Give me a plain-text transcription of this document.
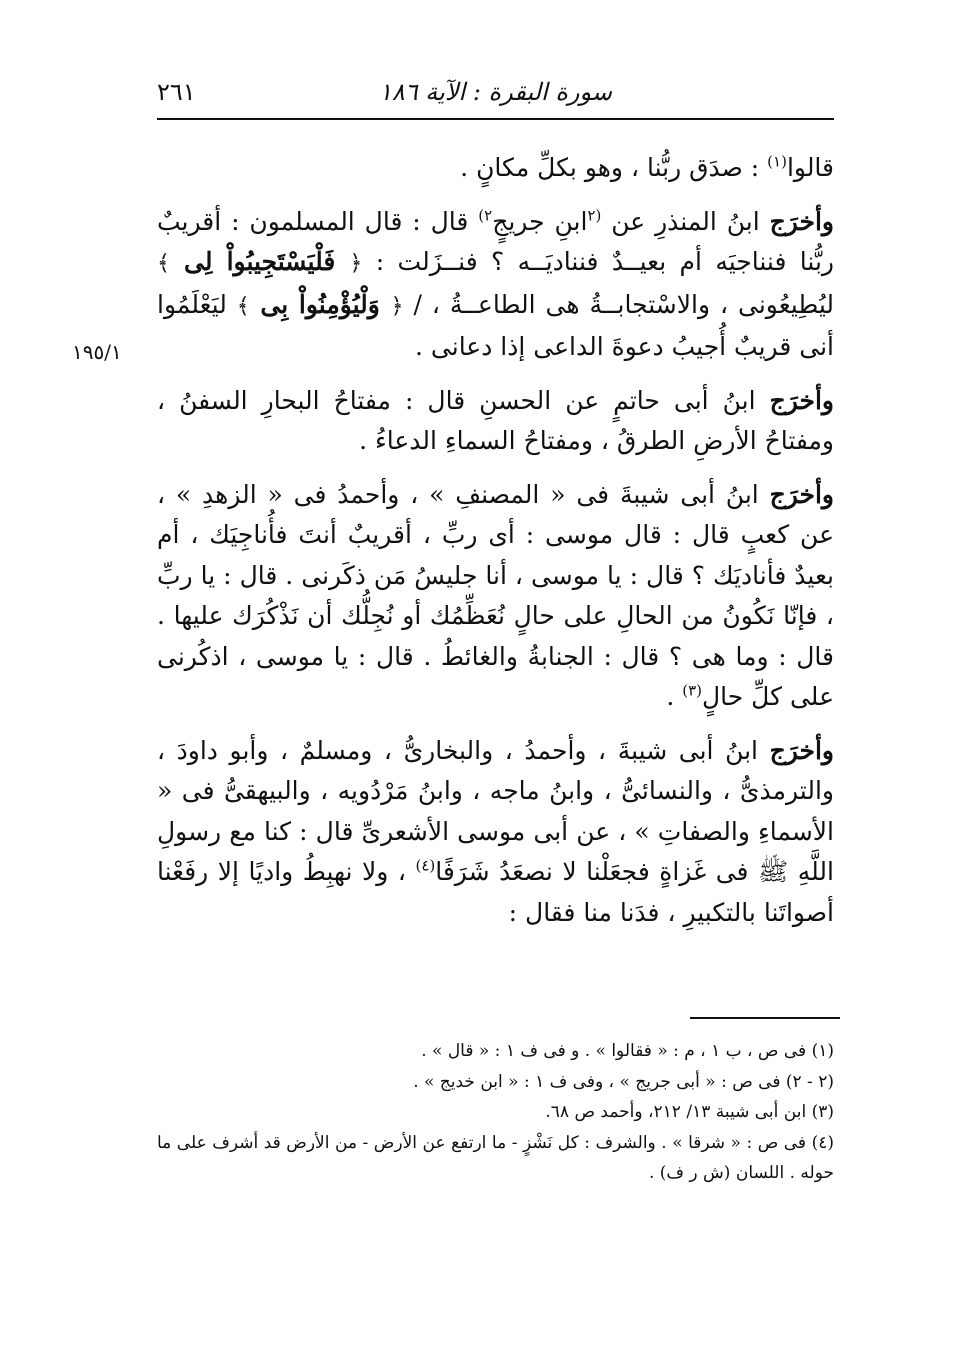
سورة البقرة : الآية ١٨٦
٢٦١
١٩٥/١

قالوا$^{(١)}$ : صدَق ربُّنا ، وهو بكلِّ مكانٍ .

وأخرَج ابنُ المنذرِ عن $^{(٢}$ابنِ جريجٍ$^{٢)}$ قال : قال المسلمون : أقريبٌ ربُّنا فنناجيَه أم بعيــدٌ فنناديَــه ؟ فنــزَلت : ﴿ فَلْيَسْتَجِيبُواْ لِى ﴾ ليُطِيعُونى ، والاسْتجابــةُ هى الطاعــةُ ، / ﴿ وَلْيُؤْمِنُواْ بِى ﴾ ليَعْلَمُوا أنى قريبٌ أُجيبُ دعوةَ الداعى إذا دعانى .

وأخرَج ابنُ أبى حاتمٍ عن الحسنِ قال : مفتاحُ البحارِ السفنُ ، ومفتاحُ الأرضِ الطرقُ ، ومفتاحُ السماءِ الدعاءُ .

وأخرَج ابنُ أبى شيبةَ فى « المصنفِ » ، وأحمدُ فى « الزهدِ » ، عن كعبٍ قال : قال موسى : أى ربِّ ، أقريبٌ أنتَ فأُناجِيَك ، أم بعيدٌ فأناديَك ؟ قال : يا موسى ، أنا جليسُ مَن ذكَرنى . قال : يا ربِّ ، فإنّا نَكُونُ من الحالِ على حالٍ نُعَظِّمُك أو نُجِلُّك أن نَذْكُرَك عليها . قال : وما هى ؟ قال : الجنابةُ والغائطُ . قال : يا موسى ، اذكُرنى على كلِّ حالٍ$^{(٣)}$ .

وأخرَج ابنُ أبى شيبةَ ، وأحمدُ ، والبخارىُّ ، ومسلمٌ ، وأبو داودَ ، والترمذىُّ ، والنسائىُّ ، وابنُ ماجه ، وابنُ مَرْدُويه ، والبيهقىُّ فى « الأسماءِ والصفاتِ » ، عن أبى موسى الأشعرىِّ قال : كنا مع رسولِ اللَّهِ ﷺ فى غَزاةٍ فجعَلْنا لا نصعَدُ شَرَفًا$^{(٤)}$ ، ولا نهبِطُ واديًا إلا رفَعْنا أصواتَنا بالتكبيرِ ، فدَنا منا فقال :

(١) فى ص ، ب ١ ، م : « فقالوا » . و فى ف ١ : « قال » .

(٢ - ٢) فى ص : « أبى جريج » ، وفى ف ١ : « ابن خديج » .

(٣) ابن أبى شيبة ١٣/ ٢١٢، وأحمد ص ٦٨.

(٤) فى ص : « شرقا » . والشرف : كل نَشْزٍ - ما ارتفع عن الأرض - من الأرض قد أشرف على ما حوله . اللسان (ش ر ف) .
